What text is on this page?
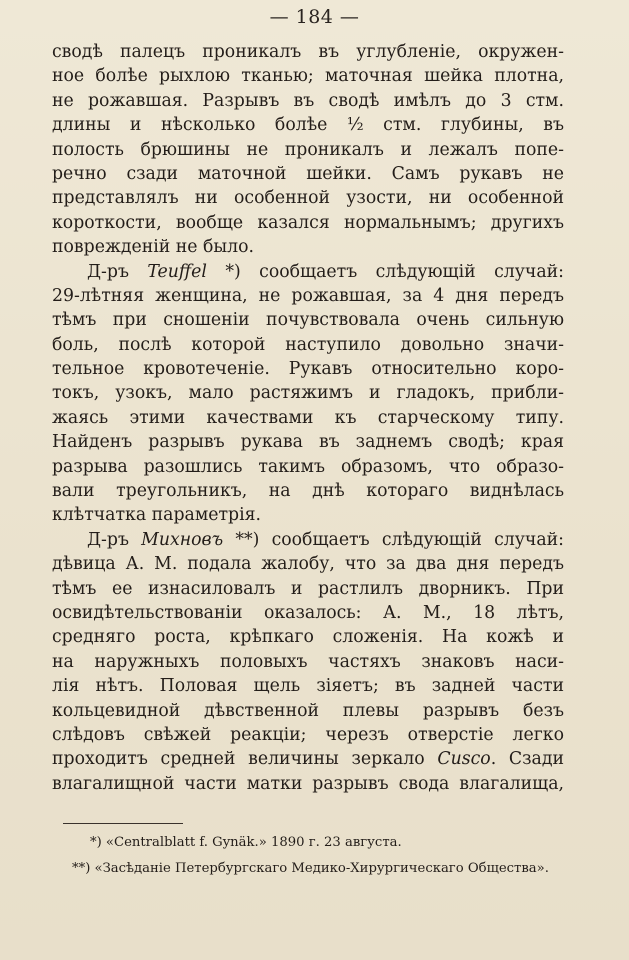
— 184 —
сводѣ палецъ проникалъ въ углубленіе, окружен-
ное болѣе рыхлою тканью; маточная шейка плотна,
не рожавшая. Разрывъ въ сводѣ имѣлъ до 3 стм.
длины и нѣсколько болѣе ½ стм. глубины, въ
полость брюшины не проникалъ и лежалъ попе-
речно сзади маточной шейки. Самъ рукавъ не
представлялъ ни особенной узости, ни особенной
короткости, вообще казался нормальнымъ; другихъ
поврежденій не было.
Д-ръ Teuffel *) сообщаетъ слѣдующій случай:
29-лѣтняя женщина, не рожавшая, за 4 дня передъ
тѣмъ при сношеніи почувствовала очень сильную
боль, послѣ которой наступило довольно значи-
тельное кровотеченіе. Рукавъ относительно коро-
токъ, узокъ, мало растяжимъ и гладокъ, прибли-
жаясь этими качествами къ старческому типу.
Найденъ разрывъ рукава въ заднемъ сводѣ; края
разрыва разошлись такимъ образомъ, что образо-
вали треугольникъ, на днѣ котораго виднѣлась
клѣтчатка параметрія.
Д-ръ Михновъ **) сообщаетъ слѣдующій случай:
дѣвица А. М. подала жалобу, что за два дня передъ
тѣмъ ее изнасиловалъ и растлилъ дворникъ. При
освидѣтельствованіи оказалось: А. М., 18 лѣтъ,
средняго роста, крѣпкаго сложенія. На кожѣ и
на наружныхъ половыхъ частяхъ знаковъ наси-
лія нѣтъ. Половая щель зіяетъ; въ задней части
кольцевидной дѣвственной плевы разрывъ безъ
слѣдовъ свѣжей реакціи; черезъ отверстіе легко
проходитъ средней величины зеркало Cusco. Сзади
влагалищной части матки разрывъ свода влагалища,
*) «Centralblatt f. Gynäk.» 1890 г. 23 августа.
**) «Засѣданіе Петербургскаго Медико-Хирургическаго Общества».
